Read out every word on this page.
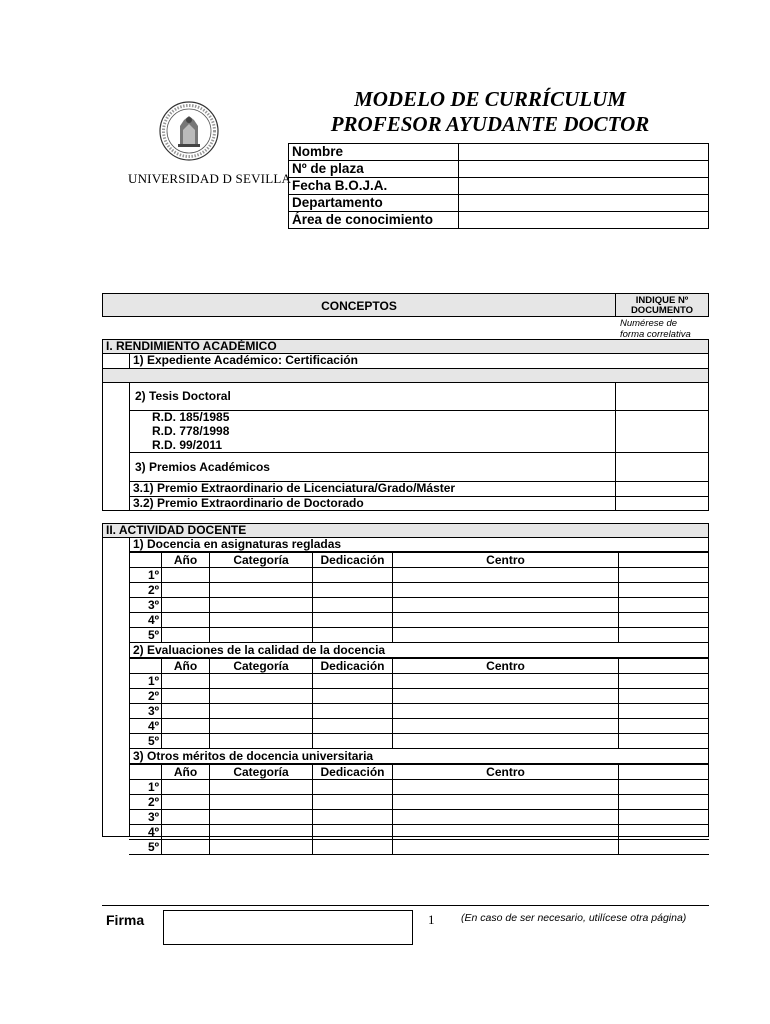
UNIVERSIDAD D SEVILLA
MODELO DE CURRÍCULUM
PROFESOR AYUDANTE DOCTOR
Nombre	
Nº de plaza	
Fecha B.O.J.A.	
Departamento	
Área de conocimiento	
CONCEPTOS	INDIQUE Nº
DOCUMENTO
Numérese de
forma correlativa
I. RENDIMIENTO ACADÉMICO
1) Expediente Académico: Certificación
2) Tesis Doctoral
R.D. 185/1985
R.D. 778/1998
R.D. 99/2011
3) Premios Académicos
3.1) Premio Extraordinario de Licenciatura/Grado/Máster
3.2) Premio Extraordinario de Doctorado
II. ACTIVIDAD DOCENTE
1) Docencia en asignaturas regladas
	Año	Categoría	Dedicación	Centro	
1º					
2º					
3º					
4º					
5º					
2) Evaluaciones de la calidad de la docencia
	Año	Categoría	Dedicación	Centro	
1º					
2º					
3º					
4º					
5º					
3) Otros méritos de docencia universitaria
	Año	Categoría	Dedicación	Centro	
1º					
2º					
3º					
4º					
5º					
Firma	1	(En caso de ser necesario, utilícese otra página)
